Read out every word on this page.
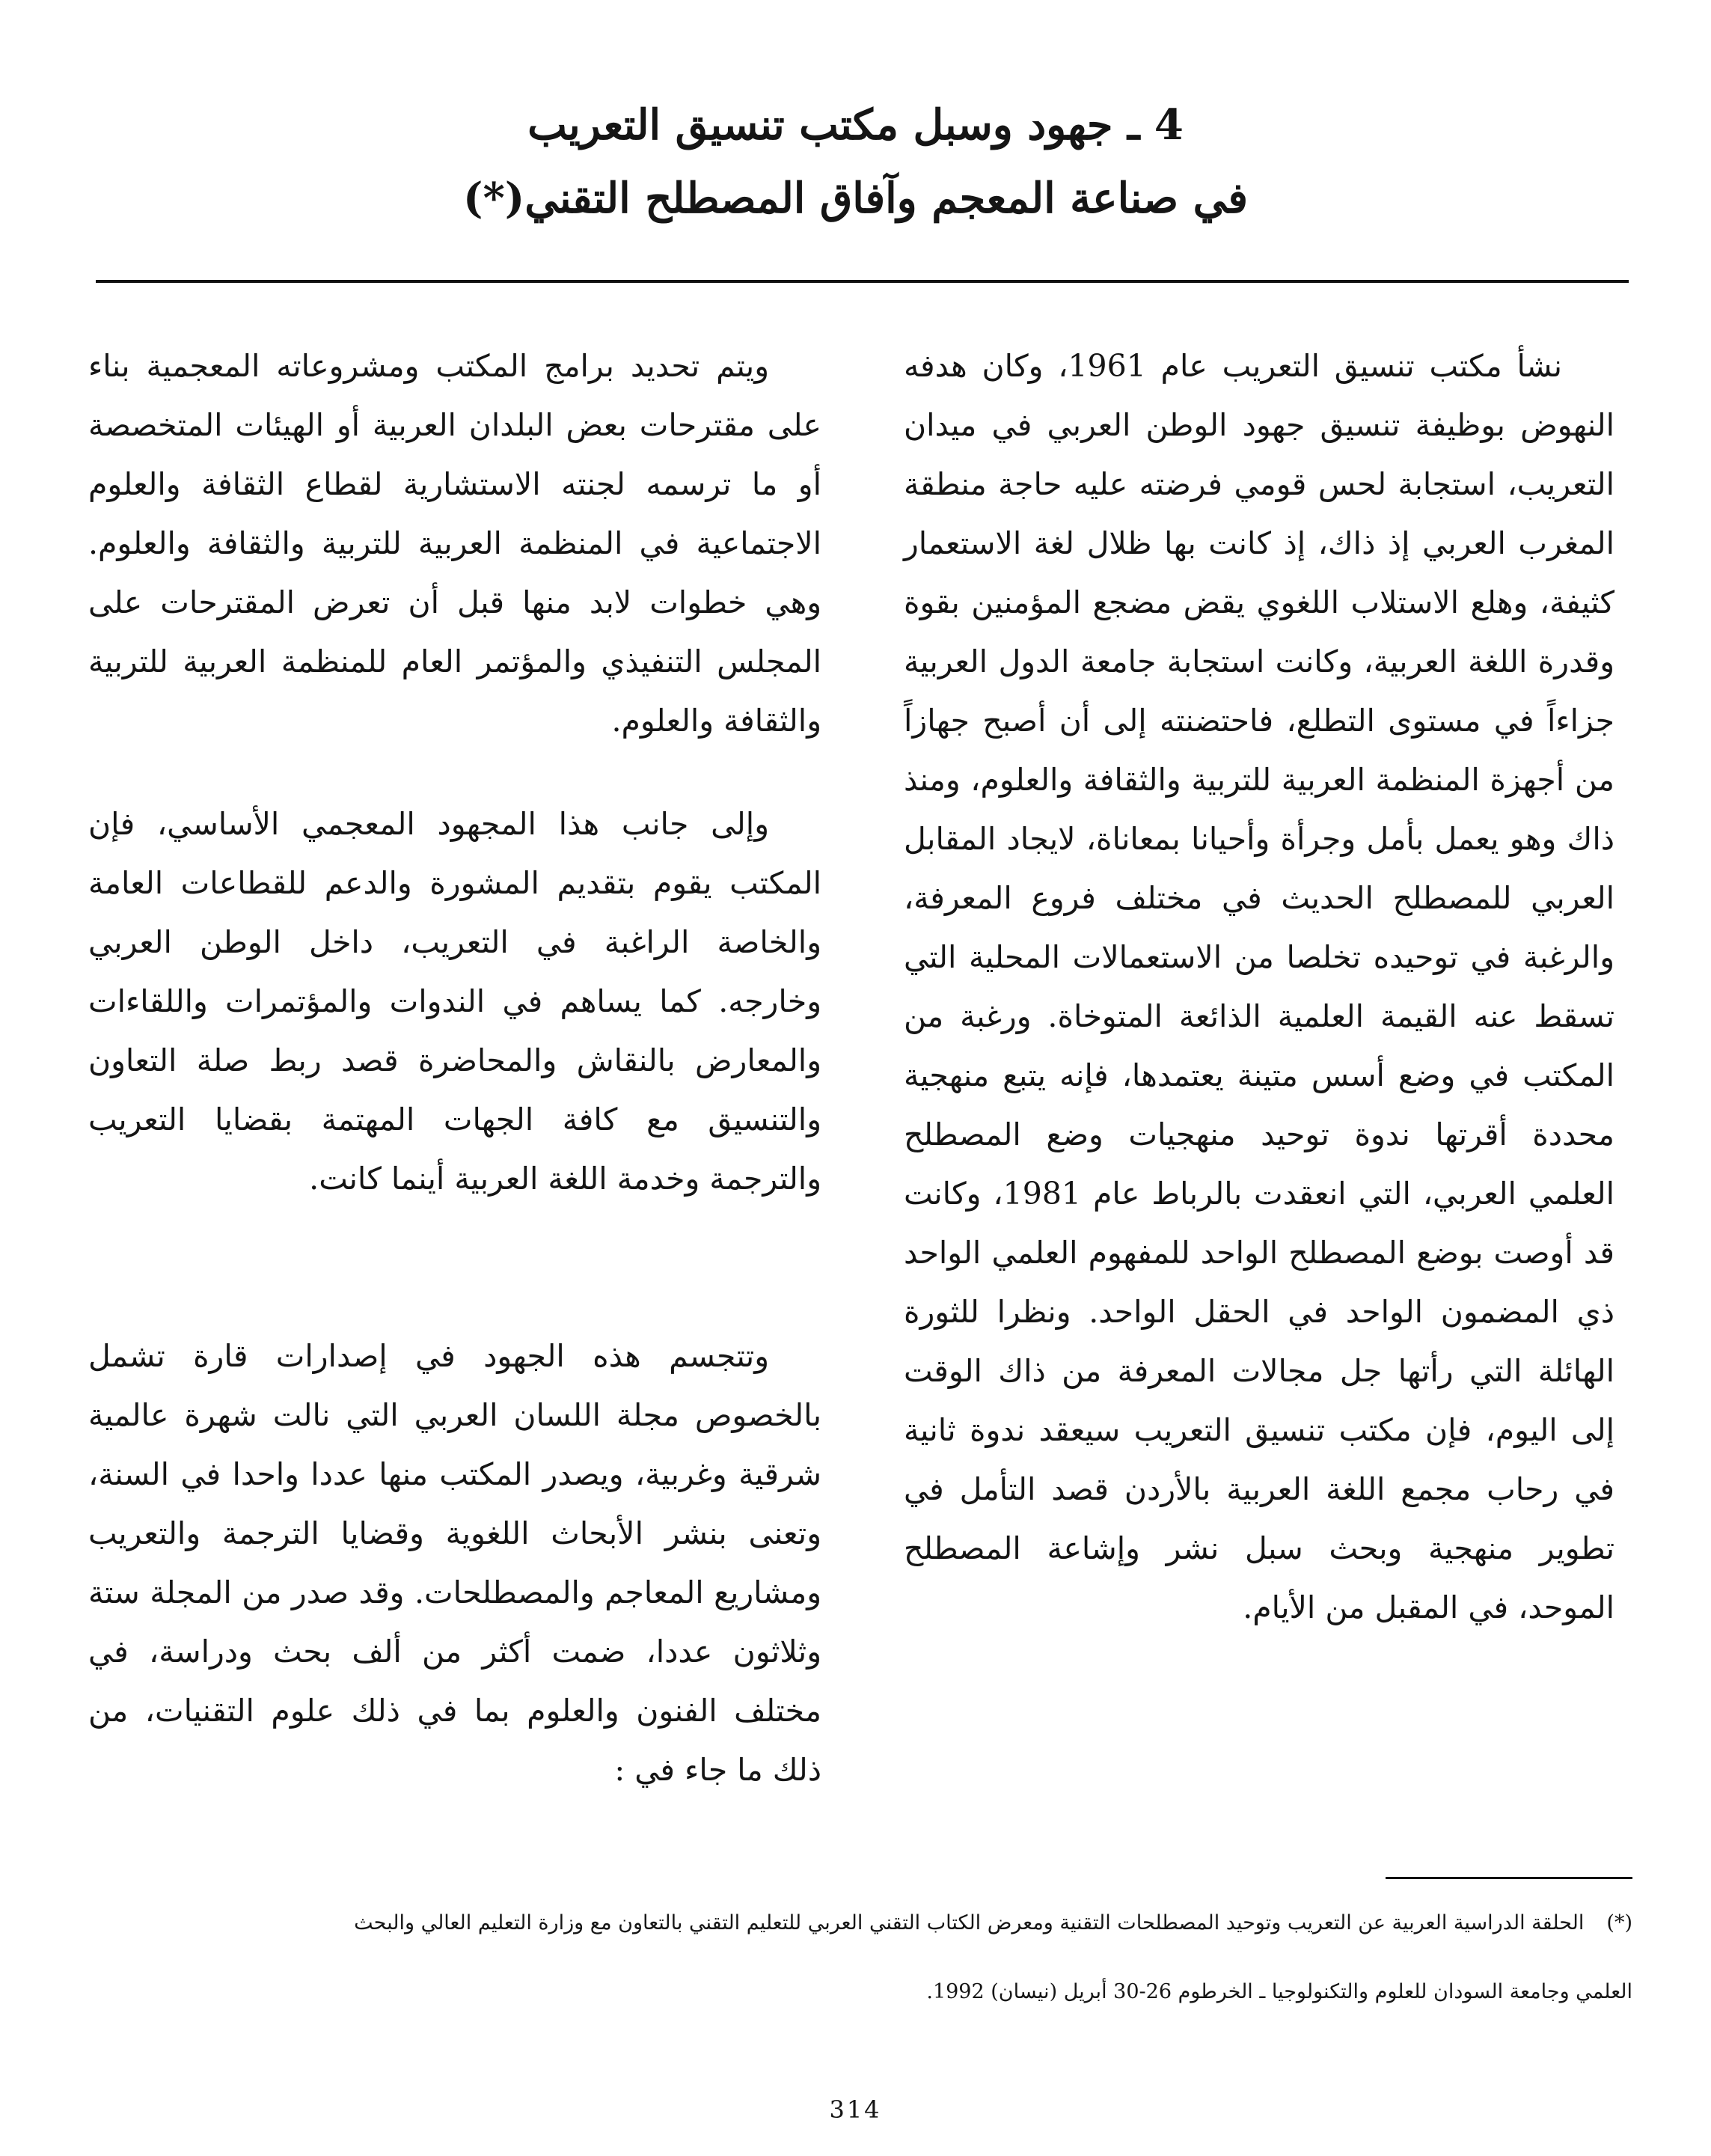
4 ـ جهود وسبل مكتب تنسيق التعريب
في صناعة المعجم وآفاق المصطلح التقني(*)

نشأ مكتب تنسيق التعريب عام 1961، وكان هدفه النهوض بوظيفة تنسيق جهود الوطن العربي في ميدان التعريب، استجابة لحس قومي فرضته عليه حاجة منطقة المغرب العربي إذ ذاك، إذ كانت بها ظلال لغة الاستعمار كثيفة، وهلع الاستلاب اللغوي يقض مضجع المؤمنين بقوة وقدرة اللغة العربية، وكانت استجابة جامعة الدول العربية جزاءاً في مستوى التطلع، فاحتضنته إلى أن أصبح جهازاً من أجهزة المنظمة العربية للتربية والثقافة والعلوم، ومنذ ذاك وهو يعمل بأمل وجرأة وأحيانا بمعاناة، لايجاد المقابل العربي للمصطلح الحديث في مختلف فروع المعرفة، والرغبة في توحيده تخلصا من الاستعمالات المحلية التي تسقط عنه القيمة العلمية الذائعة المتوخاة. ورغبة من المكتب في وضع أسس متينة يعتمدها، فإنه يتبع منهجية محددة أقرتها ندوة توحيد منهجيات وضع المصطلح العلمي العربي، التي انعقدت بالرباط عام 1981، وكانت قد أوصت بوضع المصطلح الواحد للمفهوم العلمي الواحد ذي المضمون الواحد في الحقل الواحد. ونظرا للثورة الهائلة التي رأتها جل مجالات المعرفة من ذاك الوقت إلى اليوم، فإن مكتب تنسيق التعريب سيعقد ندوة ثانية في رحاب مجمع اللغة العربية بالأردن قصد التأمل في تطوير منهجية وبحث سبل نشر وإشاعة المصطلح الموحد، في المقبل من الأيام.

ويتم تحديد برامج المكتب ومشروعاته المعجمية بناء على مقترحات بعض البلدان العربية أو الهيئات المتخصصة أو ما ترسمه لجنته الاستشارية لقطاع الثقافة والعلوم الاجتماعية في المنظمة العربية للتربية والثقافة والعلوم. وهي خطوات لابد منها قبل أن تعرض المقترحات على المجلس التنفيذي والمؤتمر العام للمنظمة العربية للتربية والثقافة والعلوم.

وإلى جانب هذا المجهود المعجمي الأساسي، فإن المكتب يقوم بتقديم المشورة والدعم للقطاعات العامة والخاصة الراغبة في التعريب، داخل الوطن العربي وخارجه. كما يساهم في الندوات والمؤتمرات واللقاءات والمعارض بالنقاش والمحاضرة قصد ربط صلة التعاون والتنسيق مع كافة الجهات المهتمة بقضايا التعريب والترجمة وخدمة اللغة العربية أينما كانت.

وتتجسم هذه الجهود في إصدارات قارة تشمل بالخصوص مجلة اللسان العربي التي نالت شهرة عالمية شرقية وغربية، ويصدر المكتب منها عددا واحدا في السنة، وتعنى بنشر الأبحاث اللغوية وقضايا الترجمة والتعريب ومشاريع المعاجم والمصطلحات. وقد صدر من المجلة ستة وثلاثون عددا، ضمت أكثر من ألف بحث ودراسة، في مختلف الفنون والعلوم بما في ذلك علوم التقنيات، من ذلك ما جاء في :

(*)الحلقة الدراسية العربية عن التعريب وتوحيد المصطلحات التقنية ومعرض الكتاب التقني العربي للتعليم التقني بالتعاون مع وزارة التعليم العالي والبحث

العلمي وجامعة السودان للعلوم والتكنولوجيا ـ الخرطوم 26-30 أبريل (نيسان) 1992.

314
